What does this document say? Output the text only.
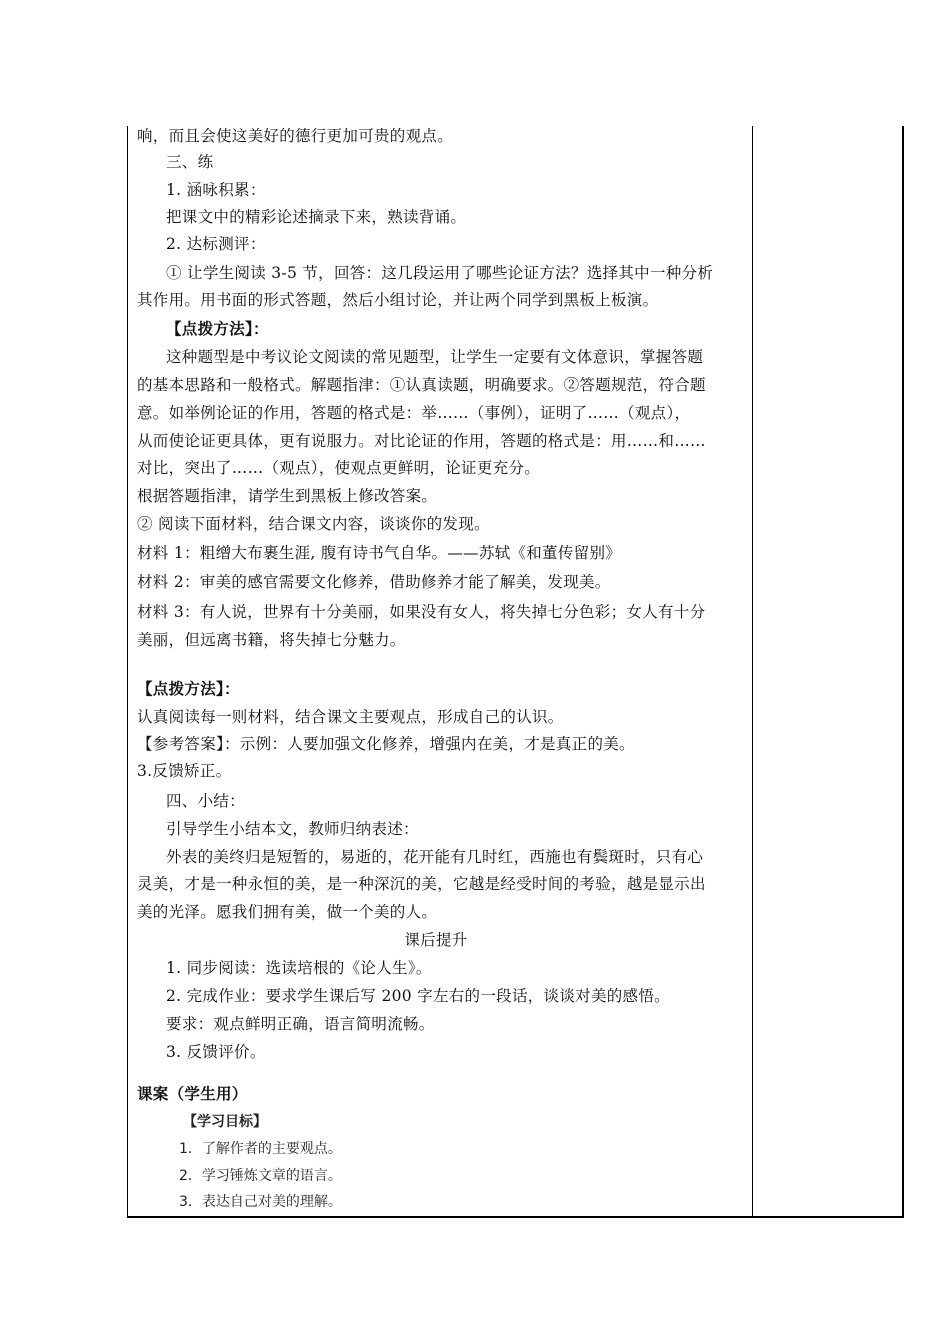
响，而且会使这美好的德行更加可贵的观点。
三、练
1. 涵咏积累：
把课文中的精彩论述摘录下来，熟读背诵。
2. 达标测评：
① 让学生阅读 3-5 节，回答：这几段运用了哪些论证方法？选择其中一种分析
其作用。用书面的形式答题，然后小组讨论，并让两个同学到黑板上板演。
【点拨方法】：
这种题型是中考议论文阅读的常见题型，让学生一定要有文体意识，掌握答题
的基本思路和一般格式。解题指津：①认真读题，明确要求。②答题规范，符合题
意。如举例论证的作用，答题的格式是：举……（事例），证明了……（观点），
从而使论证更具体，更有说服力。对比论证的作用，答题的格式是：用……和……
对比，突出了……（观点），使观点更鲜明，论证更充分。
根据答题指津，请学生到黑板上修改答案。
② 阅读下面材料，结合课文内容，谈谈你的发现。
材料 1：粗缯大布裹生涯, 腹有诗书气自华。——苏轼《和董传留别》
材料 2：审美的感官需要文化修养，借助修养才能了解美，发现美。
材料 3：有人说，世界有十分美丽，如果没有女人，将失掉七分色彩；女人有十分
美丽，但远离书籍，将失掉七分魅力。
【点拨方法】：
认真阅读每一则材料，结合课文主要观点，形成自己的认识。
【参考答案】：示例：人要加强文化修养，增强内在美，才是真正的美。
3.反馈矫正。
四、小结：
引导学生小结本文，教师归纳表述：
外表的美终归是短暂的，易逝的，花开能有几时红，西施也有鬓斑时，只有心
灵美，才是一种永恒的美，是一种深沉的美，它越是经受时间的考验，越是显示出
美的光泽。愿我们拥有美，做一个美的人。
课后提升
1. 同步阅读：选读培根的《论人生》。
2. 完成作业：要求学生课后写 200 字左右的一段话，谈谈对美的感悟。
要求：观点鲜明正确，语言简明流畅。
3. 反馈评价。
课案（学生用）
【学习目标】
1．了解作者的主要观点。
2．学习锤炼文章的语言。
3．表达自己对美的理解。
